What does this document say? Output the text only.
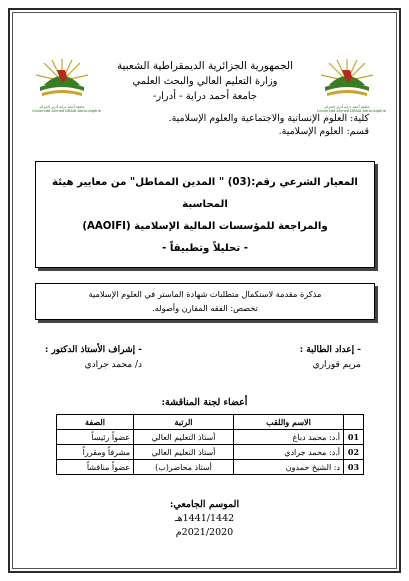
الجمهورية الجزائرية الديمقراطية الشعبية
وزارة التعليم العالي والبحث العلمي
جامعة أحمد دراية - أدرار-
جامعة أحمد دراية أدرار الجزائر
Université Ahmed DRAIA Adrar-Algérie
جامعة أحمد دراية أدرار الجزائر
Université Ahmed DRAIA Adrar-Algérie
كلية: العلوم الإنسانية والاجتماعية والعلوم الإسلامية.
قسم: العلوم الإسلامية.
المعيار الشرعي رقم:(03) " المدين المماطل" من معايير هيئة المحاسبة
والمراجعة للمؤسسات المالية الإسلامية (AAOIFI)
- تحليلاً وتطبيقاً -
مذكرة مقدمة لاستكمال متطلبات شهادة الماستر في العلوم الإسلامية
تخصص: الفقه المقارن وأصوله.
- إعداد الطالبة :
مريم قوراري
- إشراف الأستاذ الدكتور :
د/ محمد جرادي
أعضاء لجنة المناقشة:
	الاسم واللقب	الرتبة	الصفة
01	أ.د: محمد دباغ	أستاذ التعليم العالي	عضواً رئيساً
02	أ.د: محمد جرادي	أستاذ التعليم العالي	مشرفاً ومقرراً
03	د: الشيخ حمدون	أستاذ محاضر(ب)	عضواً مناقشاً
الموسم الجامعي:
1441/1442هـ
2021/2020م
